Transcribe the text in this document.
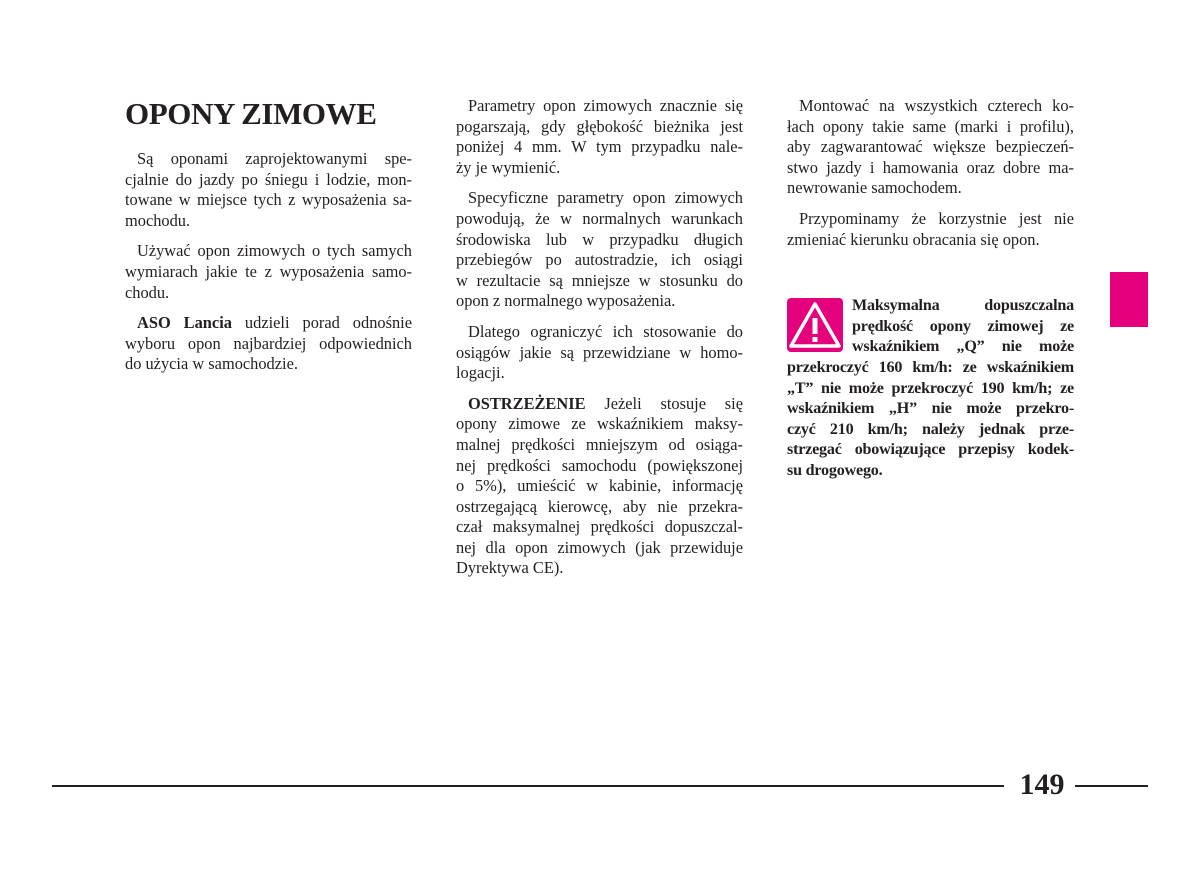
OPONY ZIMOWE
Są oponami zaprojektowanymi spe-
cjalnie do jazdy po śniegu i lodzie, mon-
towane w miejsce tych z wyposażenia sa-
mochodu.
Używać opon zimowych o tych samych
wymiarach jakie te z wyposażenia samo-
chodu.
ASO Lancia udzieli porad odnośnie
wyboru opon najbardziej odpowiednich
do użycia w samochodzie.
Parametry opon zimowych znacznie się
pogarszają, gdy głębokość bieżnika jest
poniżej 4 mm. W tym przypadku nale-
ży je wymienić.
Specyficzne parametry opon zimowych
powodują, że w normalnych warunkach
środowiska lub w przypadku długich
przebiegów po autostradzie, ich osiągi
w rezultacie są mniejsze w stosunku do
opon z normalnego wyposażenia.
Dlatego ograniczyć ich stosowanie do
osiągów jakie są przewidziane w homo-
logacji.
OSTRZEŻENIE Jeżeli stosuje się
opony zimowe ze wskaźnikiem maksy-
malnej prędkości mniejszym od osiąga-
nej prędkości samochodu (powiększonej
o 5%), umieścić w kabinie, informację
ostrzegającą kierowcę, aby nie przekra-
czał maksymalnej prędkości dopuszczal-
nej dla opon zimowych (jak przewiduje
Dyrektywa CE).
Montować na wszystkich czterech ko-
łach opony takie same (marki i profilu),
aby zagwarantować większe bezpieczeń-
stwo jazdy i hamowania oraz dobre ma-
newrowanie samochodem.
Przypominamy że korzystnie jest nie
zmieniać kierunku obracania się opon.
Maksymalna dopuszczalna
prędkość opony zimowej ze
wskaźnikiem „Q” nie może
przekroczyć 160 km/h: ze wskaźnikiem
„T” nie może przekroczyć 190 km/h; ze
wskaźnikiem „H” nie może przekro-
czyć 210 km/h; należy jednak prze-
strzegać obowiązujące przepisy kodek-
su drogowego.
149
